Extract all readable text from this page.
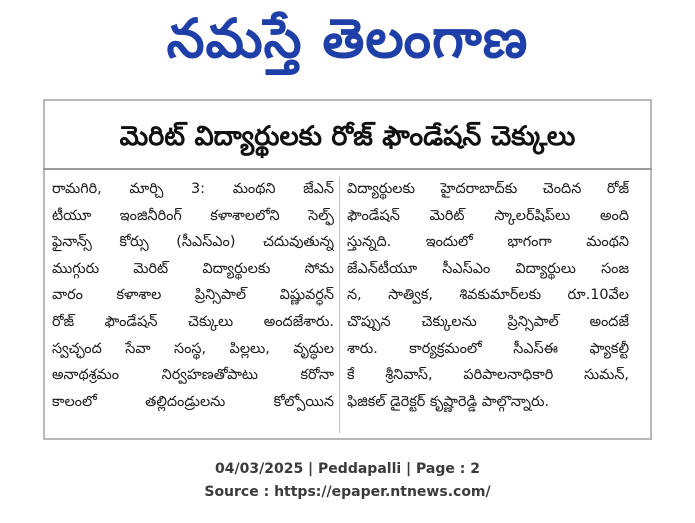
నమస్తే తెలంగాణ
మెరిట్ విద్యార్థులకు రోజ్ ఫౌండేషన్ చెక్కులు
రామగిరి, మార్చి 3: మంథని జేఎన్
టీయూ ఇంజినీరింగ్ కళాశాలలోని సెల్ఫ్
ఫైనాన్స్ కోర్సు (సీఎస్ఎం) చదువుతున్న
ముగ్గురు మెరిట్ విద్యార్థులకు సోమ
వారం కళాశాల ప్రిన్సిపాల్ విష్ణువర్ధన్
రోజ్ ఫౌండేషన్ చెక్కులు అందజేశారు.
స్వచ్ఛంద సేవా సంస్థ, పిల్లలు, వృద్ధుల
అనాథశ్రమం నిర్వహణతోపాటు కరోనా
కాలంలో తల్లిదండ్రులను కోల్పోయిన
విద్యార్థులకు హైదరాబాద్‌కు చెందిన రోజ్
ఫౌండేషన్ మెరిట్ స్కాలర్‌షిప్‌లు అంది
స్తున్నది. ఇందులో భాగంగా మంథని
జేఎన్‌టీయూ సీఎస్ఎం విద్యార్థులు సంజ
న, సాత్విక, శివకుమార్‌లకు రూ.10వేల
చొప్పున చెక్కులను ప్రిన్సిపాల్ అందజే
శారు. కార్యక్రమంలో సీఎస్ఈ ఫ్యాకల్టీ
కే శ్రీనివాస్, పరిపాలనాధికారి సుమన్,
ఫిజికల్ డైరెక్టర్ కృష్ణారెడ్డి పాల్గొన్నారు.
04/03/2025 | Peddapalli | Page : 2
Source : https://epaper.ntnews.com/
